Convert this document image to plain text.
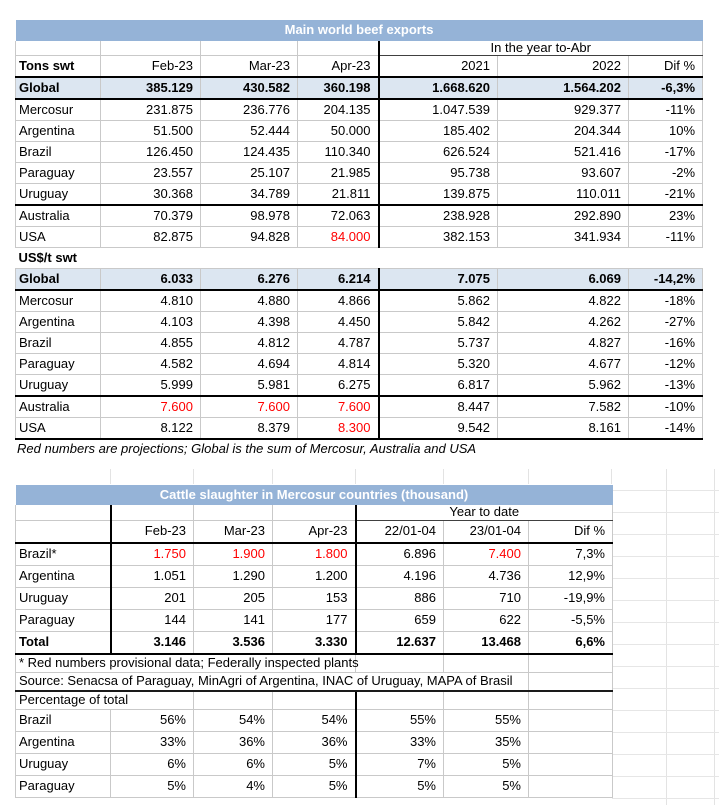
Main world beef exports						
				In the year to-Abr		
Tons swt	Feb-23	Mar-23	Apr-23	2021	2022	Dif %
Global	385.129	430.582	360.198	1.668.620	1.564.202	-6,3%
Mercosur	231.875	236.776	204.135	1.047.539	929.377	-11%
Argentina	51.500	52.444	50.000	185.402	204.344	10%
Brazil	126.450	124.435	110.340	626.524	521.416	-17%
Paraguay	23.557	25.107	21.985	95.738	93.607	-2%
Uruguay	30.368	34.789	21.811	139.875	110.011	-21%
Australia	70.379	98.978	72.063	238.928	292.890	23%
USA	82.875	94.828	84.000	382.153	341.934	-11%
US$/t swt						
Global	6.033	6.276	6.214	7.075	6.069	-14,2%
Mercosur	4.810	4.880	4.866	5.862	4.822	-18%
Argentina	4.103	4.398	4.450	5.842	4.262	-27%
Brazil	4.855	4.812	4.787	5.737	4.827	-16%
Paraguay	4.582	4.694	4.814	5.320	4.677	-12%
Uruguay	5.999	5.981	6.275	6.817	5.962	-13%
Australia	7.600	7.600	7.600	8.447	7.582	-10%
USA	8.122	8.379	8.300	9.542	8.161	-14%
Red numbers are projections; Global is the sum of Mercosur, Australia and USA
Cattle slaughter in Mercosur countries (thousand)						
				Year to date		
	Feb-23	Mar-23	Apr-23	22/01-04	23/01-04	Dif %
Brazil*	1.750	1.900	1.800	6.896	7.400	7,3%
Argentina	1.051	1.290	1.200	4.196	4.736	12,9%
Uruguay	201	205	153	886	710	-19,9%
Paraguay	144	141	177	659	622	-5,5%
Total	3.146	3.536	3.330	12.637	13.468	6,6%
* Red numbers provisional data; Federally inspected plants						
Source: Senacsa of Paraguay, MinAgri of Argentina, INAC of Uruguay, MAPA of Brasil						
Percentage of total						
Brazil	56%	54%	54%	55%	55%	
Argentina	33%	36%	36%	33%	35%	
Uruguay	6%	6%	5%	7%	5%	
Paraguay	5%	4%	5%	5%	5%	
